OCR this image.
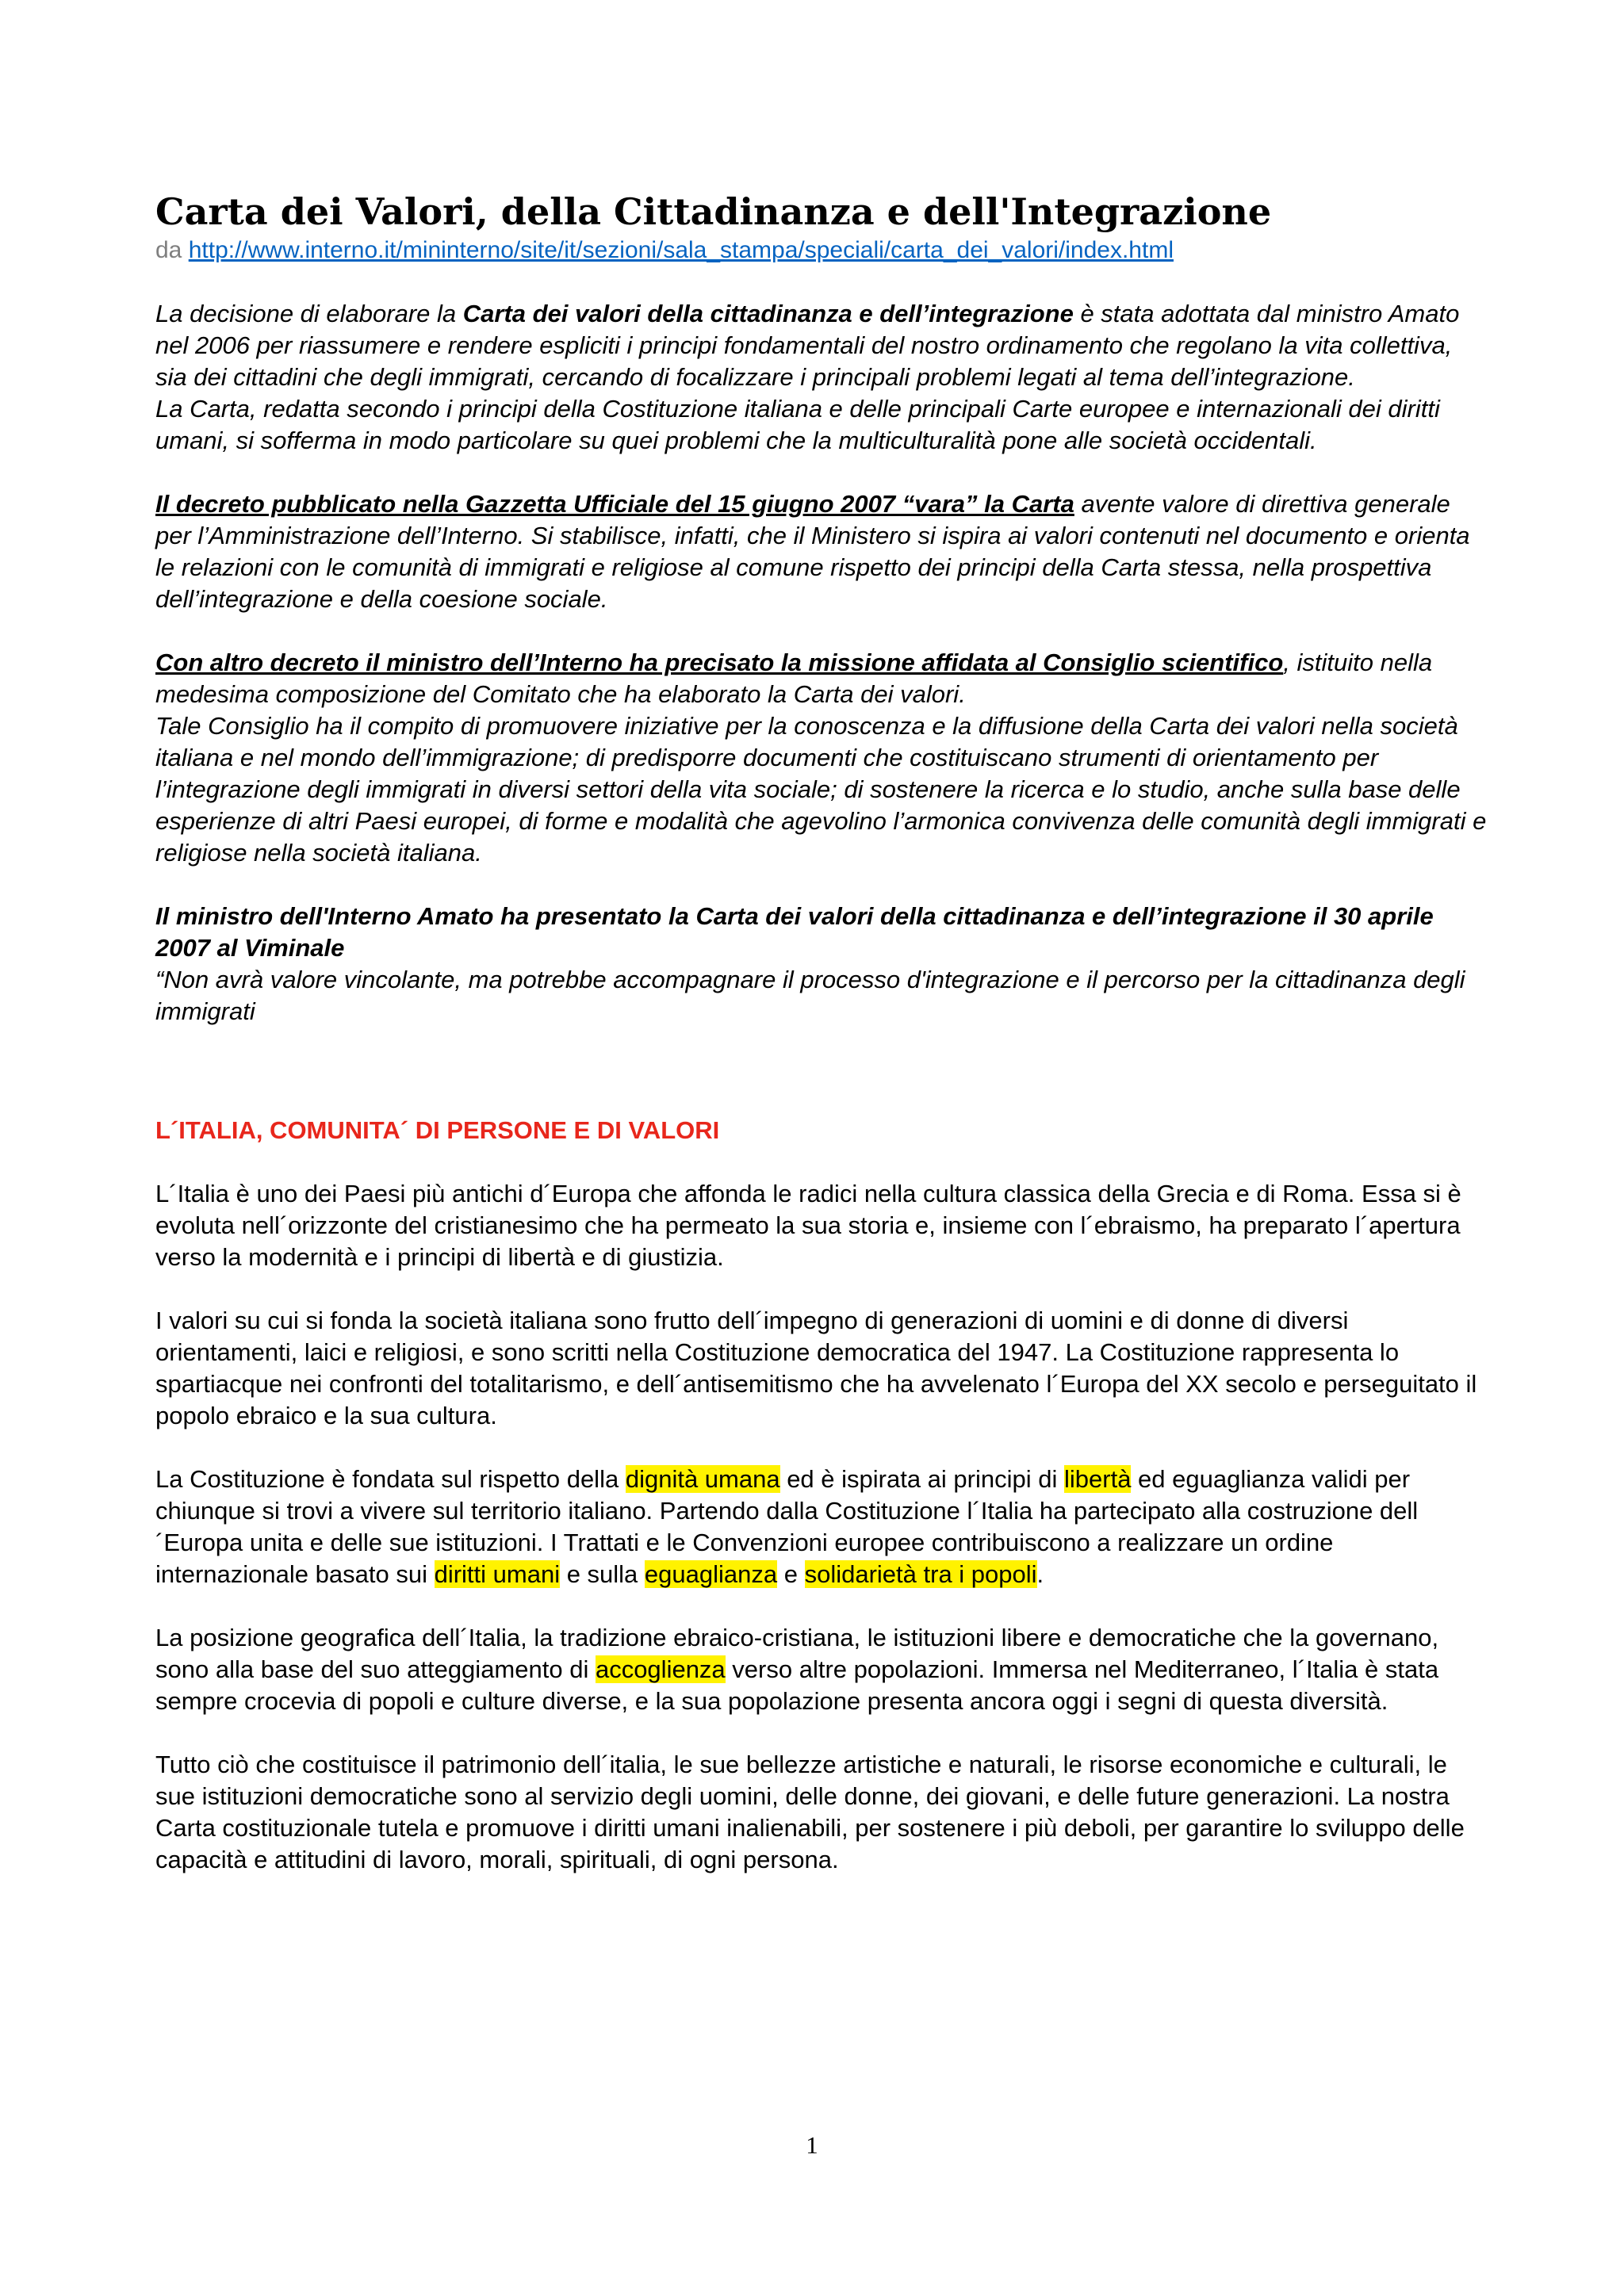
Carta dei Valori, della Cittadinanza e dell'Integrazione

da http://www.interno.it/mininterno/site/it/sezioni/sala_stampa/speciali/carta_dei_valori/index.html

La decisione di elaborare la Carta dei valori della cittadinanza e dell’integrazione è stata adottata dal ministro Amato nel 2006 per riassumere e rendere espliciti i principi fondamentali del nostro ordinamento che regolano la vita collettiva, sia dei cittadini che degli immigrati, cercando di focalizzare i principali problemi legati al tema dell’integrazione.

La Carta, redatta secondo i principi della Costituzione italiana e delle principali Carte europee e internazionali dei diritti umani, si sofferma in modo particolare su quei problemi che la multiculturalità pone alle società occidentali.

Il decreto pubblicato nella Gazzetta Ufficiale del 15 giugno 2007 “vara” la Carta avente valore di direttiva generale per l’Amministrazione dell’Interno. Si stabilisce, infatti, che il Ministero si ispira ai valori contenuti nel documento e orienta le relazioni con le comunità di immigrati e religiose al comune rispetto dei principi della Carta stessa, nella prospettiva dell’integrazione e della coesione sociale.

Con altro decreto il ministro dell’Interno ha precisato la missione affidata al Consiglio scientifico, istituito nella medesima composizione del Comitato che ha elaborato la Carta dei valori.

Tale Consiglio ha il compito di promuovere iniziative per la conoscenza e la diffusione della Carta dei valori nella società italiana e nel mondo dell’immigrazione; di predisporre documenti che costituiscano strumenti di orientamento per l’integrazione degli immigrati in diversi settori della vita sociale; di sostenere la ricerca e lo studio, anche sulla base delle esperienze di altri Paesi europei, di forme e modalità che agevolino l’armonica convivenza delle comunità degli immigrati e religiose nella società italiana.

Il ministro dell'Interno Amato ha presentato la Carta dei valori della cittadinanza e dell’integrazione il 30 aprile 2007 al Viminale

“Non avrà valore vincolante, ma potrebbe accompagnare il processo d'integrazione e il percorso per la cittadinanza degli immigrati

L´ITALIA, COMUNITA´ DI PERSONE E DI VALORI

L´Italia è uno dei Paesi più antichi d´Europa che affonda le radici nella cultura classica della Grecia e di Roma. Essa si è evoluta nell´orizzonte del cristianesimo che ha permeato la sua storia e, insieme con l´ebraismo, ha preparato l´apertura verso la modernità e i principi di libertà e di giustizia.

I valori su cui si fonda la società italiana sono frutto dell´impegno di generazioni di uomini e di donne di diversi orientamenti, laici e religiosi, e sono scritti nella Costituzione democratica del 1947. La Costituzione rappresenta lo spartiacque nei confronti del totalitarismo, e dell´antisemitismo che ha avvelenato l´Europa del XX secolo e perseguitato il popolo ebraico e la sua cultura.

La Costituzione è fondata sul rispetto della dignità umana ed è ispirata ai principi di libertà ed eguaglianza validi per chiunque si trovi a vivere sul territorio italiano. Partendo dalla Costituzione l´Italia ha partecipato alla costruzione dell´Europa unita e delle sue istituzioni. I Trattati e le Convenzioni europee contribuiscono a realizzare un ordine internazionale basato sui diritti umani e sulla eguaglianza e solidarietà tra i popoli.

La posizione geografica dell´Italia, la tradizione ebraico-cristiana, le istituzioni libere e democratiche che la governano, sono alla base del suo atteggiamento di accoglienza verso altre popolazioni. Immersa nel Mediterraneo, l´Italia è stata sempre crocevia di popoli e culture diverse, e la sua popolazione presenta ancora oggi i segni di questa diversità.

Tutto ciò che costituisce il patrimonio dell´italia, le sue bellezze artistiche e naturali, le risorse economiche e culturali, le sue istituzioni democratiche sono al servizio degli uomini, delle donne, dei giovani, e delle future generazioni. La nostra Carta costituzionale tutela e promuove i diritti umani inalienabili, per sostenere i più deboli, per garantire lo sviluppo delle capacità e attitudini di lavoro, morali, spirituali, di ogni persona.

1
